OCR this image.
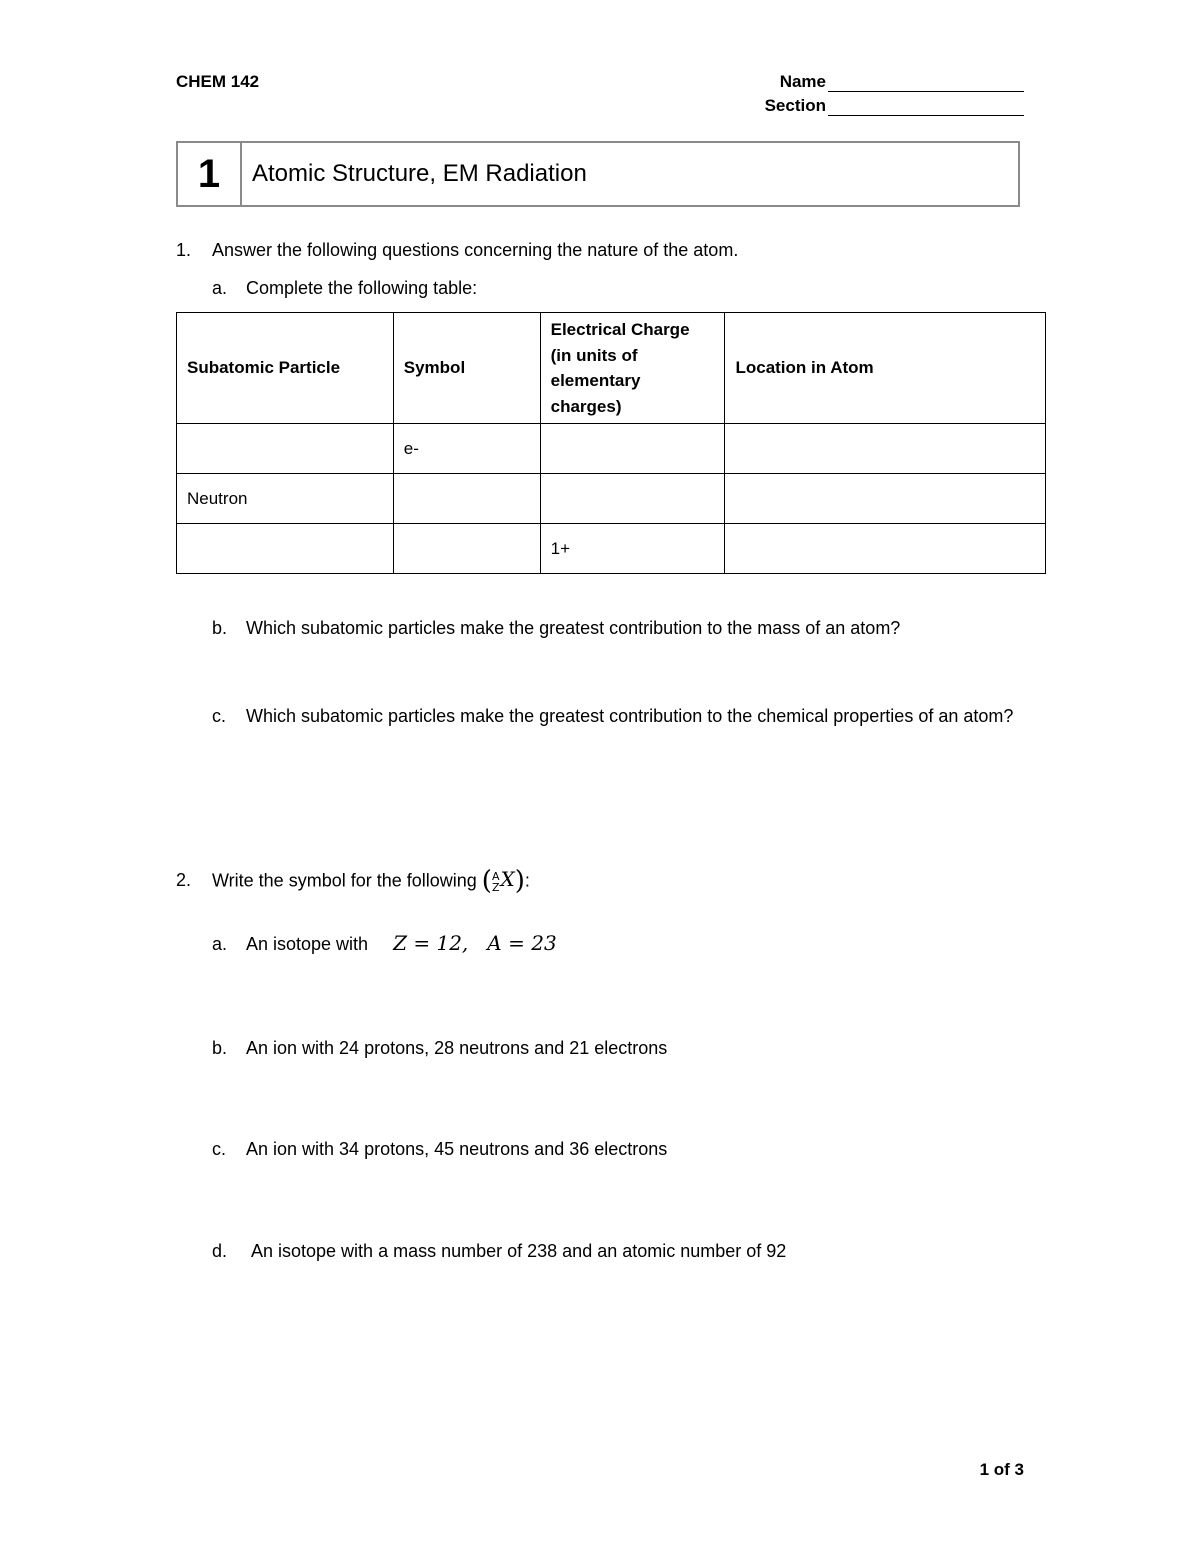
CHEM 142	Name
Section
1	Atomic Structure, EM Radiation
1. Answer the following questions concerning the nature of the atom.
a. Complete the following table:
Subatomic Particle	Symbol	Electrical Charge (in units of elementary charges)	Location in Atom
	e-		
Neutron			
		1+	
b. Which subatomic particles make the greatest contribution to the mass of an atom?
c.	Which subatomic particles make the greatest contribution to the chemical properties of an atom?
2. Write the symbol for the following ( A
Z X):
a. An isotope with Z = 12, A = 23
b. An ion with 24 protons, 28 neutrons and 21 electrons
c. An ion with 34 protons, 45 neutrons and 36 electrons
d. An isotope with a mass number of 238 and an atomic number of 92
1 of 3
